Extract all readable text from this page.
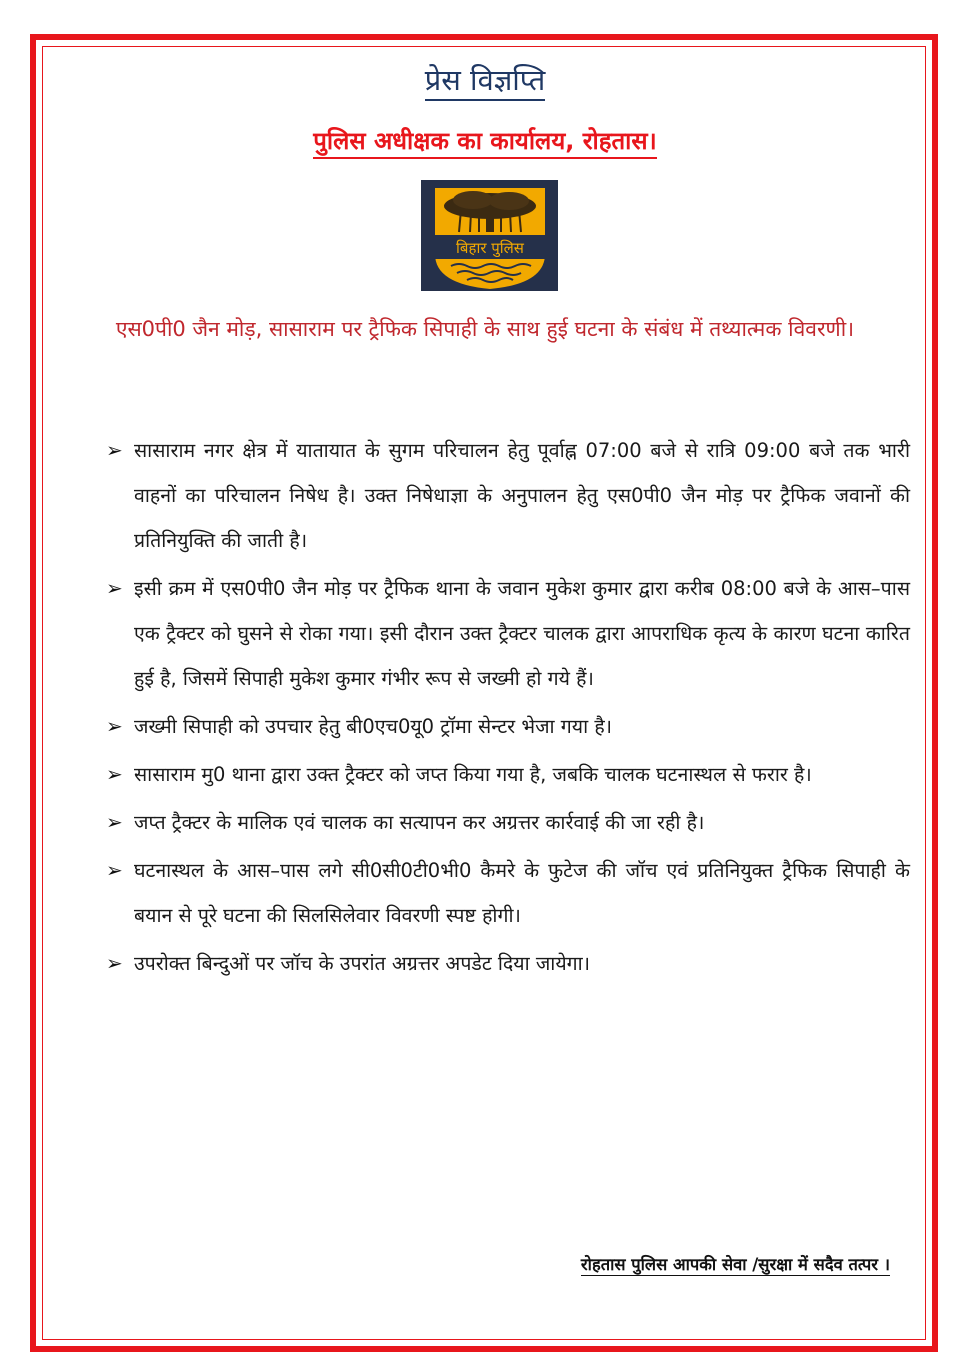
प्रेस विज्ञप्ति
पुलिस अधीक्षक का कार्यालय, रोहतास।
बिहार पुलिस
एस0पी0 जैन मोड़, सासाराम पर ट्रैफिक सिपाही के साथ हुई घटना के संबंध में तथ्यात्मक विवरणी।
➢ सासाराम नगर क्षेत्र में यातायात के सुगम परिचालन हेतु पूर्वाह्न 07:00 बजे से रात्रि 09:00 बजे तक भारी वाहनों का परिचालन निषेध है। उक्त निषेधाज्ञा के अनुपालन हेतु एस0पी0 जैन मोड़ पर ट्रैफिक जवानों की प्रतिनियुक्ति की जाती है।
➢ इसी क्रम में एस0पी0 जैन मोड़ पर ट्रैफिक थाना के जवान मुकेश कुमार द्वारा करीब 08:00 बजे के आस–पास एक ट्रैक्टर को घुसने से रोका गया। इसी दौरान उक्त ट्रैक्टर चालक द्वारा आपराधिक कृत्य के कारण घटना कारित हुई है, जिसमें सिपाही मुकेश कुमार गंभीर रूप से जख्मी हो गये हैं।
➢ जख्मी सिपाही को उपचार हेतु बी0एच0यू0 ट्रॉमा सेन्टर भेजा गया है।
➢ सासाराम मु0 थाना द्वारा उक्त ट्रैक्टर को जप्त किया गया है, जबकि चालक घटनास्थल से फरार है।
➢ जप्त ट्रैक्टर के मालिक एवं चालक का सत्यापन कर अग्रत्तर कार्रवाई की जा रही है।
➢ घटनास्थल के आस–पास लगे सी0सी0टी0भी0 कैमरे के फुटेज की जॉच एवं प्रतिनियुक्त ट्रैफिक सिपाही के बयान से पूरे घटना की सिलसिलेवार विवरणी स्पष्ट होगी।
➢ उपरोक्त बिन्दुओं पर जॉच के उपरांत अग्रत्तर अपडेट दिया जायेगा।
रोहतास पुलिस आपकी सेवा /सुरक्षा में सदैव तत्पर ।
